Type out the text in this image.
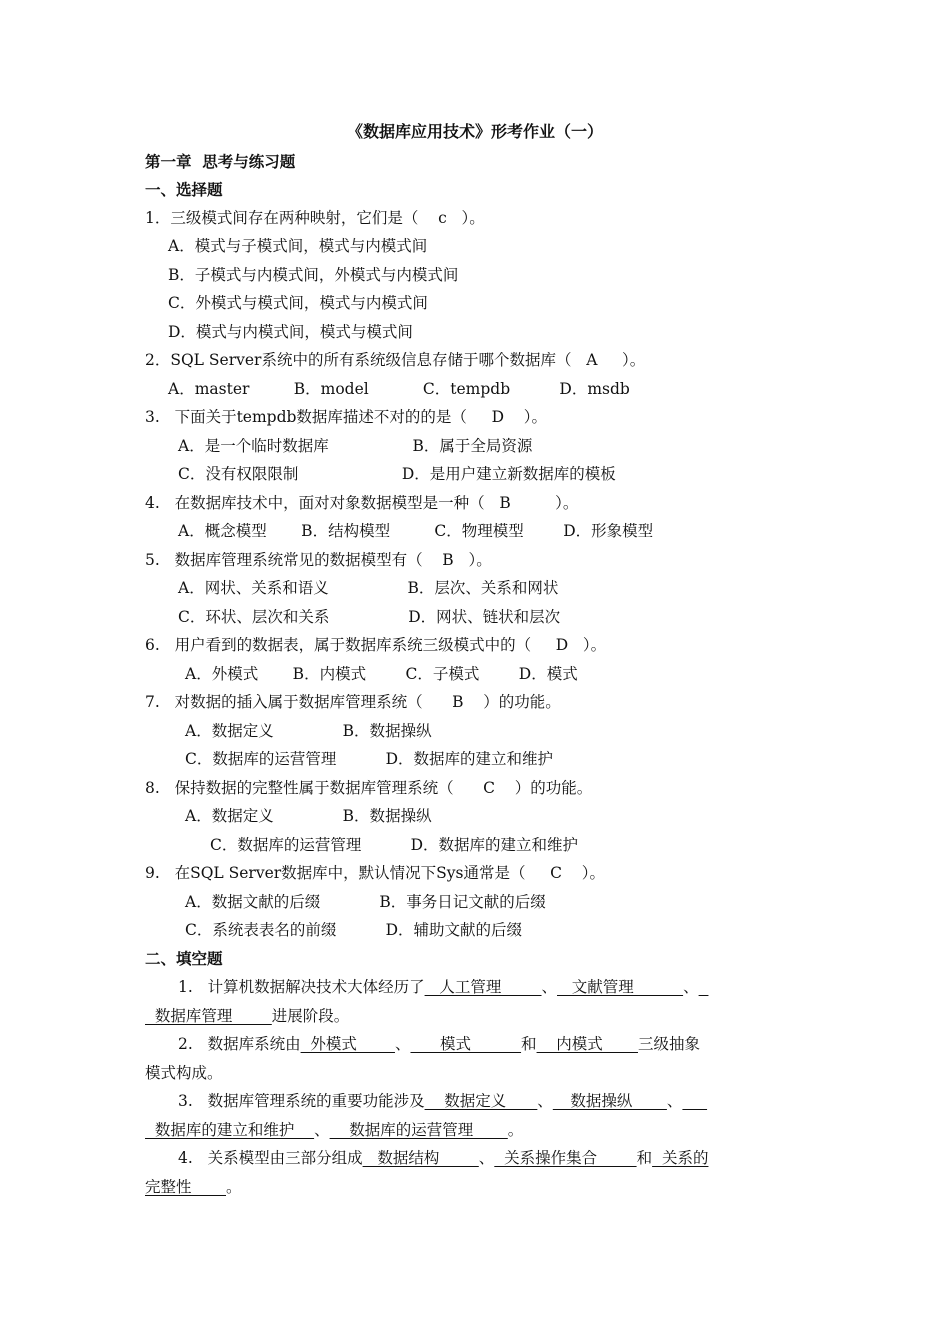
《数据库应用技术》形考作业（一）
第一章  思考与练习题
一、选择题
1．三级模式间存在两种映射，它们是（    c   ）。
A．模式与子模式间，模式与内模式间
B．子模式与内模式间，外模式与内模式间
C．外模式与模式间，模式与内模式间
D．模式与内模式间，模式与模式间
2．SQL Server系统中的所有系统级信息存储于哪个数据库（   A     ）。
A．master         B．model           C．tempdb          D．msdb
3.   下面关于tempdb数据库描述不对的的是（     D    ）。
A．是一个临时数据库                 B．属于全局资源
C．没有权限限制                     D．是用户建立新数据库的模板
4.   在数据库技术中，面对对象数据模型是一种（   B         ）。
A．概念模型       B．结构模型         C．物理模型        D．形象模型
5.   数据库管理系统常见的数据模型有（    B   ）。
A．网状、关系和语义                B．层次、关系和网状
C．环状、层次和关系                D．网状、链状和层次
6.   用户看到的数据表，属于数据库系统三级模式中的（     D   ）。
A．外模式       B．内模式        C．子模式        D．模式
7.   对数据的插入属于数据库管理系统（      B    ）的功能。
A．数据定义              B．数据操纵
C．数据库的运营管理          D．数据库的建立和维护
8.   保持数据的完整性属于数据库管理系统（      C    ）的功能。
A．数据定义              B．数据操纵
C．数据库的运营管理          D．数据库的建立和维护
9.   在SQL Server数据库中，默认情况下Sys通常是（     C    ）。
A．数据文献的后缀            B．事务日记文献的后缀
C．系统表表名的前缀          D．辅助文献的后缀
二、填空题
1.   计算机数据解决技术大体经历了   人工管理__     、   文献管理          、
数据库管理        进展阶段。
2.   数据库系统由  外模式___   、      模式__       和    内模式 __   三级抽象
模式构成。
3.   数据库管理系统的重要功能涉及    数据定义____、  _数据操纵       、
数据库的建立和维护    、    数据库的运营管理       。
4.   关系模型由三部分组成   数据结构        、  关系操作集合        和  关系的
完整性       。
